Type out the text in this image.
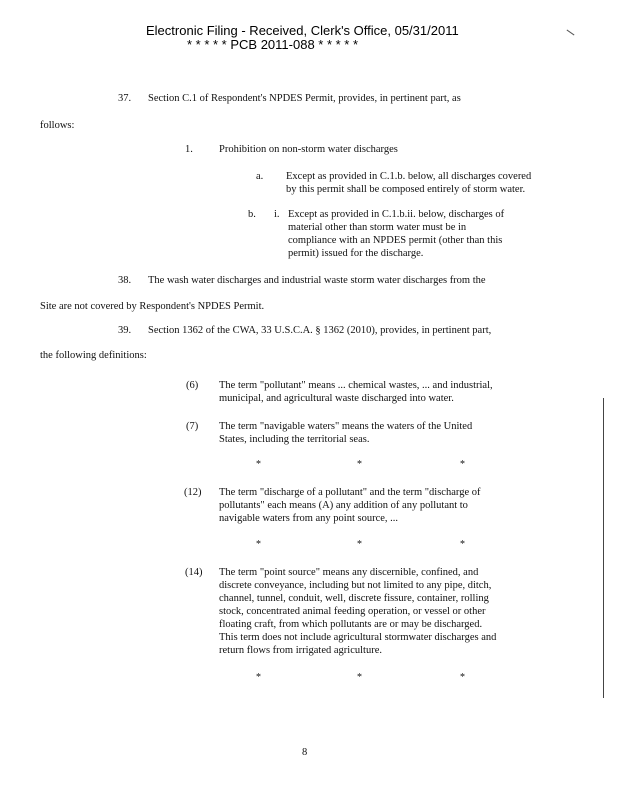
Electronic Filing - Received, Clerk's Office, 05/31/2011
* * * * * PCB 2011-088 * * * * *
37. Section C.1 of Respondent's NPDES Permit, provides, in pertinent part, as
follows:
1. Prohibition on non-storm water discharges
a. Except as provided in C.1.b. below, all discharges covered
by this permit shall be composed entirely of storm water.
b. i. Except as provided in C.1.b.ii. below, discharges of
material other than storm water must be in
compliance with an NPDES permit (other than this
permit) issued for the discharge.
38. The wash water discharges and industrial waste storm water discharges from the
Site are not covered by Respondent's NPDES Permit.
39. Section 1362 of the CWA, 33 U.S.C.A. § 1362 (2010), provides, in pertinent part,
the following definitions:
(6) The term "pollutant" means ... chemical wastes, ... and industrial,
municipal, and agricultural waste discharged into water.
(7) The term "navigable waters" means the waters of the United
States, including the territorial seas.
*	*	*
(12) The term "discharge of a pollutant" and the term "discharge of
pollutants" each means (A) any addition of any pollutant to
navigable waters from any point source, ...
*	*	*
(14) The term "point source" means any discernible, confined, and
discrete conveyance, including but not limited to any pipe, ditch,
channel, tunnel, conduit, well, discrete fissure, container, rolling
stock, concentrated animal feeding operation, or vessel or other
floating craft, from which pollutants are or may be discharged.
This term does not include agricultural stormwater discharges and
return flows from irrigated agriculture.
*	*	*
8
